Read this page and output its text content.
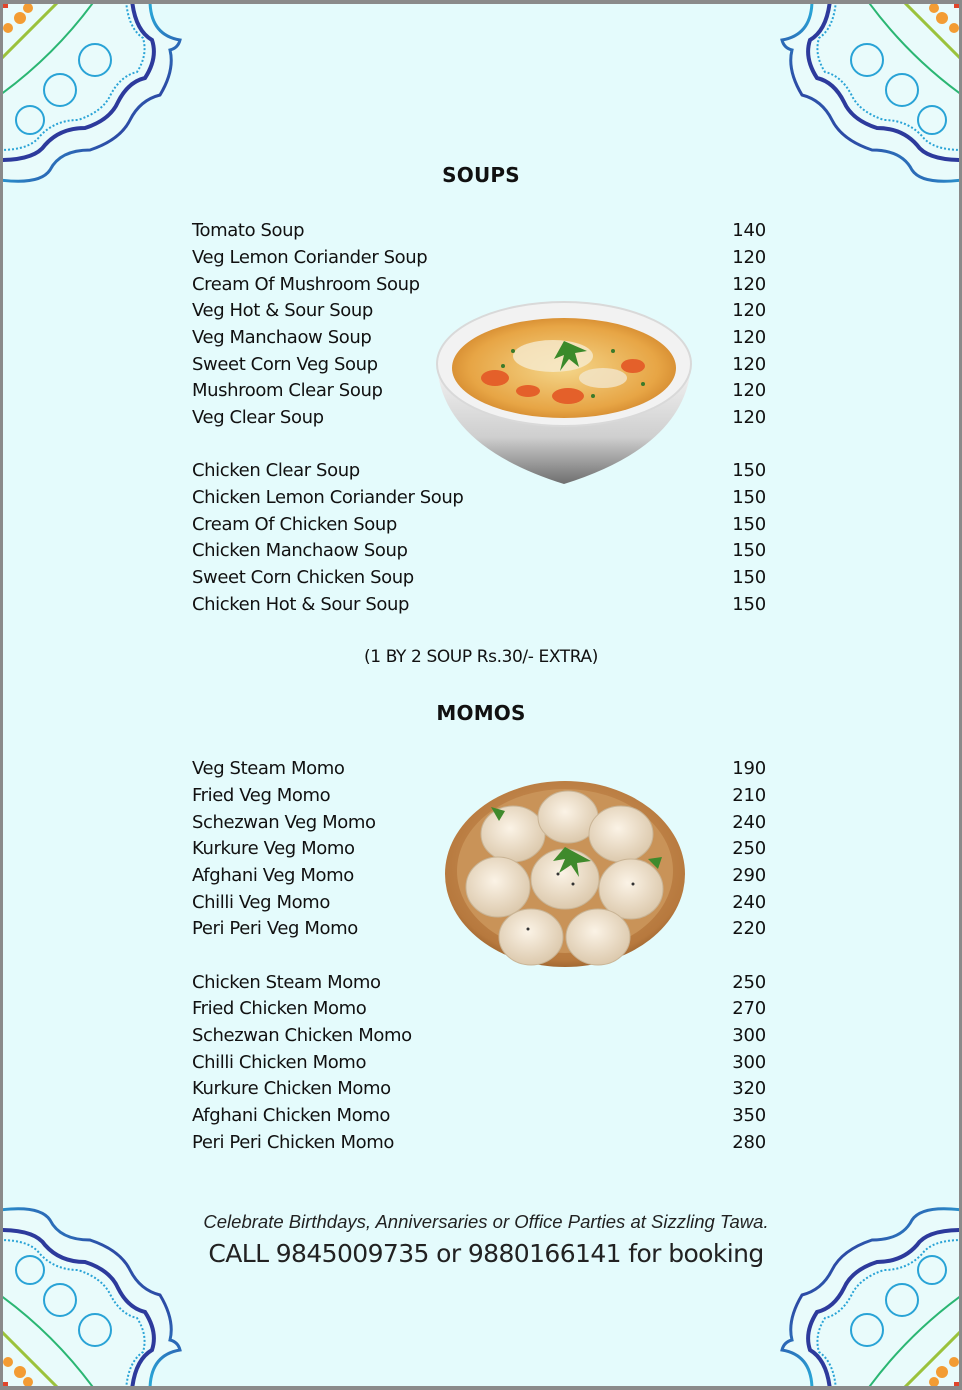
SOUPS
Tomato Soup	140
Veg Lemon Coriander Soup	120
Cream Of Mushroom Soup	120
Veg Hot & Sour Soup	120
Veg Manchaow Soup	120
Sweet Corn Veg Soup	120
Mushroom Clear Soup	120
Veg Clear Soup	120
Chicken Clear Soup	150
Chicken Lemon Coriander Soup	150
Cream Of Chicken Soup	150
Chicken Manchaow Soup	150
Sweet Corn Chicken Soup	150
Chicken Hot & Sour Soup	150
(1 BY 2 SOUP Rs.30/- EXTRA)
MOMOS
Veg Steam Momo	190
Fried Veg Momo	210
Schezwan Veg Momo	240
Kurkure Veg Momo	250
Afghani Veg Momo	290
Chilli Veg Momo	240
Peri Peri Veg Momo	220
Chicken Steam Momo	250
Fried Chicken Momo	270
Schezwan Chicken Momo	300
Chilli Chicken Momo	300
Kurkure Chicken Momo	320
Afghani Chicken Momo	350
Peri Peri Chicken Momo	280
Celebrate Birthdays, Anniversaries or Office Parties at Sizzling Tawa.
CALL 9845009735 or 9880166141 for booking
